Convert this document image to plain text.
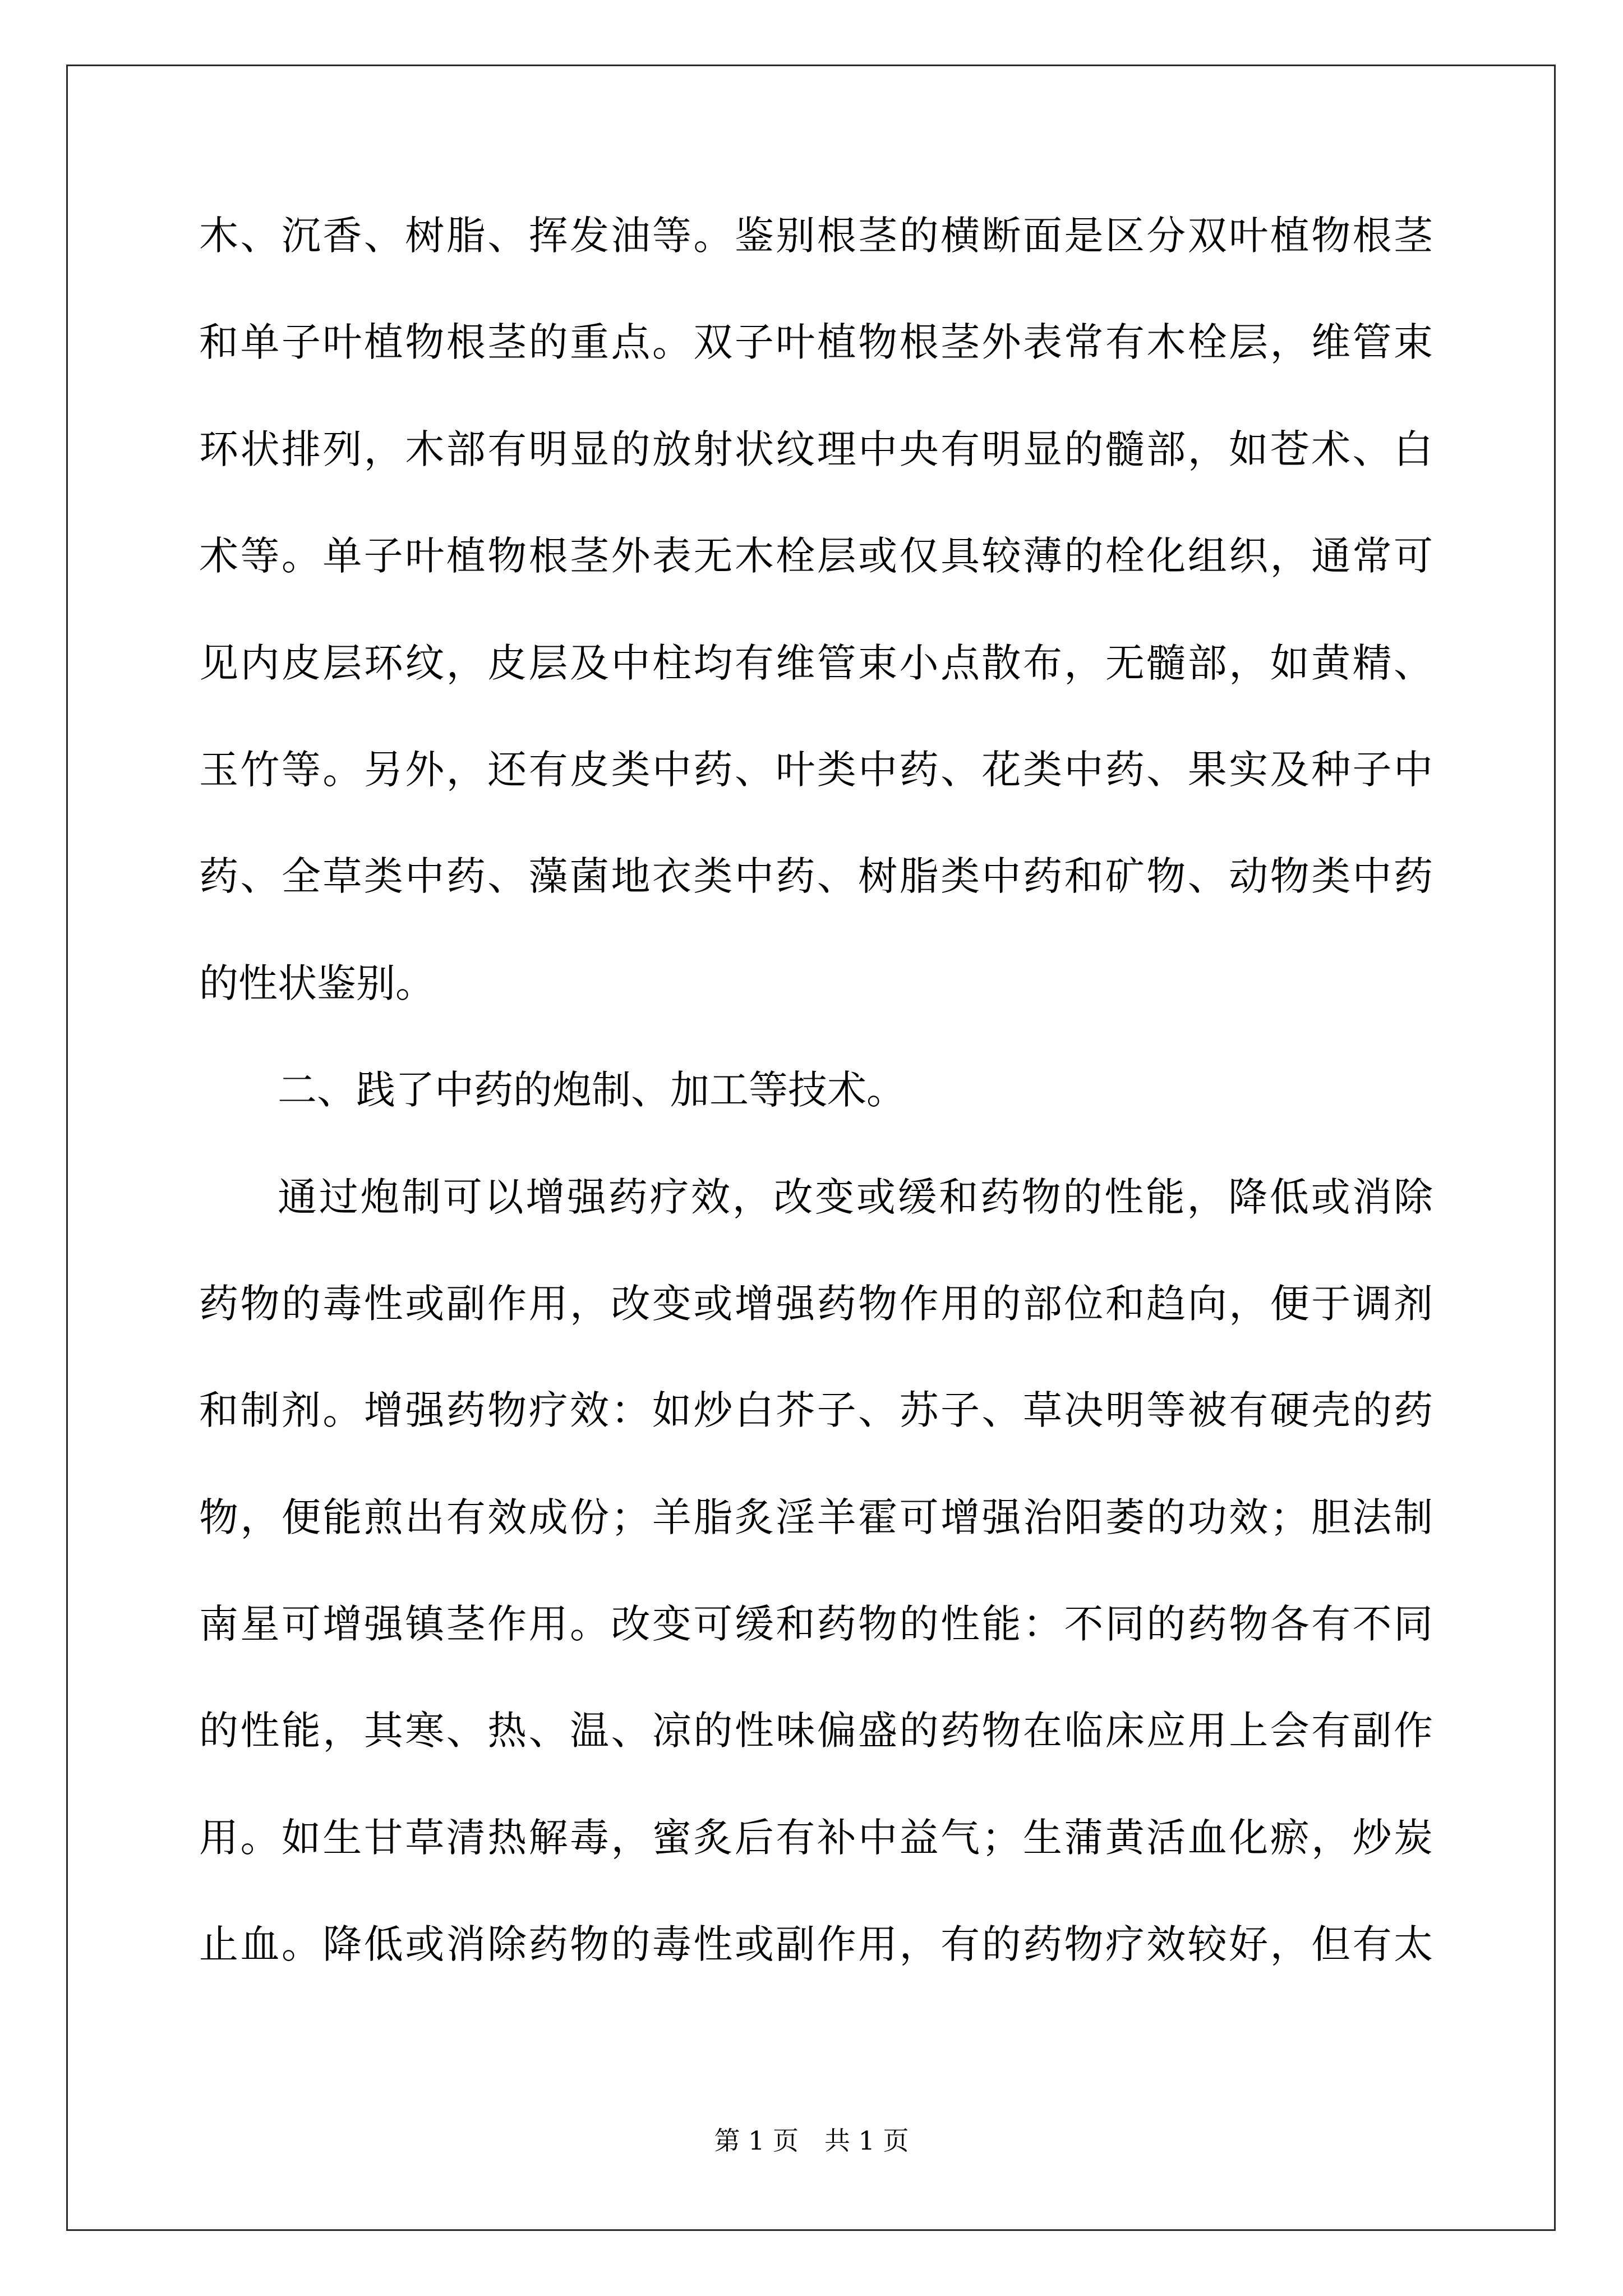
木、沉香、树脂、挥发油等。鉴别根茎的横断面是区分双叶植物根茎
和单子叶植物根茎的重点。双子叶植物根茎外表常有木栓层，维管束
环状排列，木部有明显的放射状纹理中央有明显的髓部，如苍术、白
术等。单子叶植物根茎外表无木栓层或仅具较薄的栓化组织，通常可
见内皮层环纹，皮层及中柱均有维管束小点散布，无髓部，如黄精、
玉竹等。另外，还有皮类中药、叶类中药、花类中药、果实及种子中
药、全草类中药、藻菌地衣类中药、树脂类中药和矿物、动物类中药
的性状鉴别。
二、践了中药的炮制、加工等技术。
通过炮制可以增强药疗效，改变或缓和药物的性能，降低或消除
药物的毒性或副作用，改变或增强药物作用的部位和趋向，便于调剂
和制剂。增强药物疗效：如炒白芥子、苏子、草决明等被有硬壳的药
物，便能煎出有效成份；羊脂炙淫羊霍可增强治阳萎的功效；胆法制
南星可增强镇茎作用。改变可缓和药物的性能：不同的药物各有不同
的性能，其寒、热、温、凉的性味偏盛的药物在临床应用上会有副作
用。如生甘草清热解毒，蜜炙后有补中益气；生蒲黄活血化瘀，炒炭
止血。降低或消除药物的毒性或副作用，有的药物疗效较好，但有太
第 1 页　共 1 页
